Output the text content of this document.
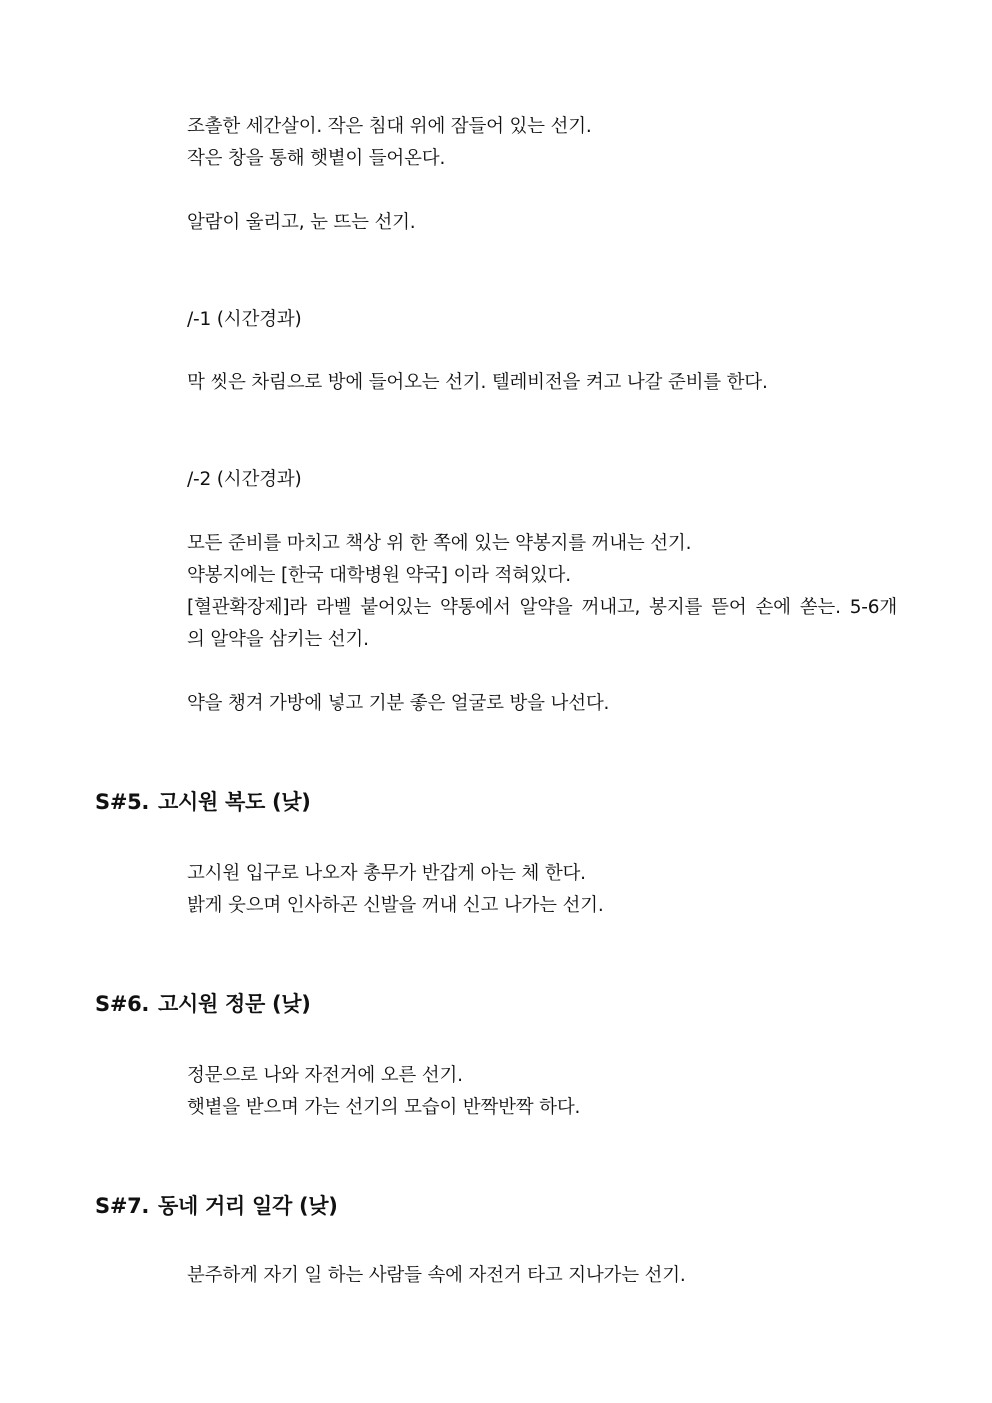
조촐한 세간살이. 작은 침대 위에 잠들어 있는 선기.
작은 창을 통해 햇볕이 들어온다.
알람이 울리고, 눈 뜨는 선기.
/-1 (시간경과)
막 씻은 차림으로 방에 들어오는 선기. 텔레비전을 켜고 나갈 준비를 한다.
/-2 (시간경과)
모든 준비를 마치고 책상 위 한 쪽에 있는 약봉지를 꺼내는 선기.
약봉지에는 [한국 대학병원 약국] 이라 적혀있다.
[혈관확장제]라 라벨 붙어있는 약통에서 알약을 꺼내고, 봉지를 뜯어 손에 쏟는. 5-6개
의 알약을 삼키는 선기.
약을 챙겨 가방에 넣고 기분 좋은 얼굴로 방을 나선다.
S#5. 고시원 복도 (낮)
고시원 입구로 나오자 총무가 반갑게 아는 체 한다.
밝게 웃으며 인사하곤 신발을 꺼내 신고 나가는 선기.
S#6. 고시원 정문 (낮)
정문으로 나와 자전거에 오른 선기.
햇볕을 받으며 가는 선기의 모습이 반짝반짝 하다.
S#7. 동네 거리 일각 (낮)
분주하게 자기 일 하는 사람들 속에 자전거 타고 지나가는 선기.
